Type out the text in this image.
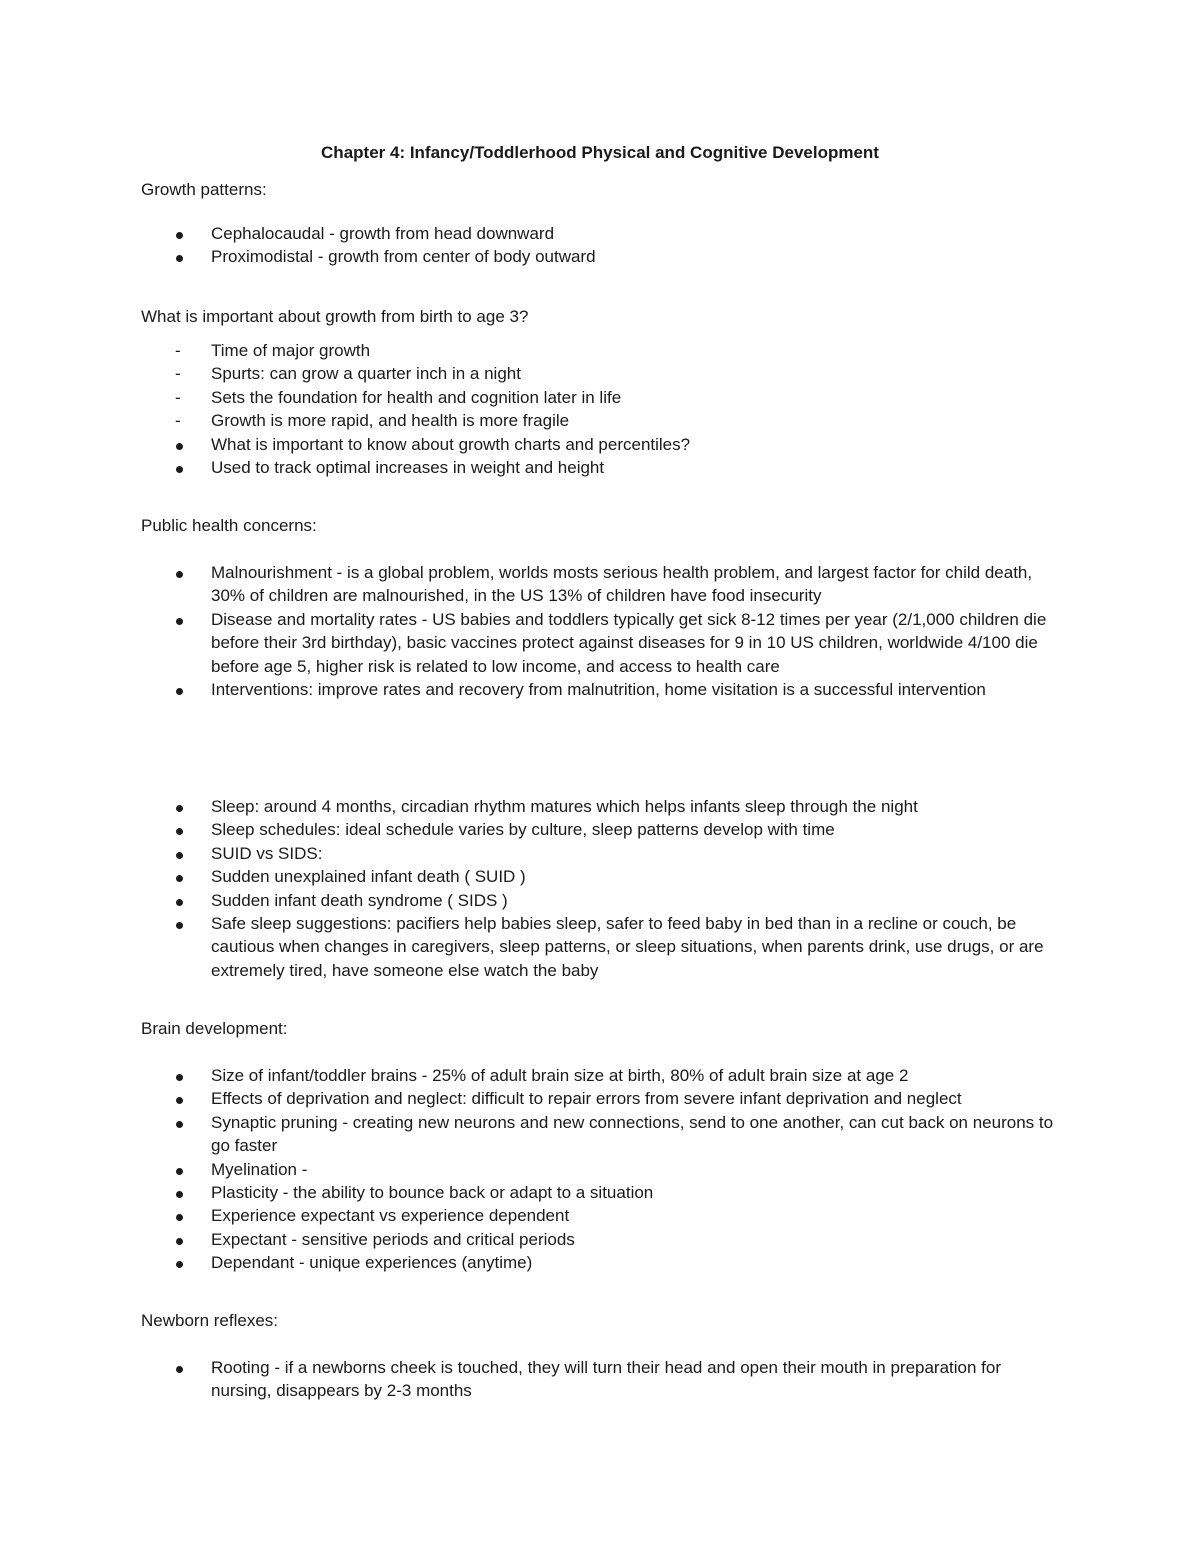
Chapter 4: Infancy/Toddlerhood Physical and Cognitive Development
Growth patterns:
Cephalocaudal - growth from head downward
Proximodistal - growth from center of body outward
What is important about growth from birth to age 3?
- Time of major growth
- Spurts: can grow a quarter inch in a night
- Sets the foundation for health and cognition later in life
- Growth is more rapid, and health is more fragile
What is important to know about growth charts and percentiles?
Used to track optimal increases in weight and height
Public health concerns:
Malnourishment - is a global problem, worlds mosts serious health problem, and largest factor for child death, 30% of children are malnourished, in the US 13% of children have food insecurity
Disease and mortality rates - US babies and toddlers typically get sick 8-12 times per year (2/1,000 children die before their 3rd birthday), basic vaccines protect against diseases for 9 in 10 US children, worldwide 4/100 die before age 5, higher risk is related to low income, and access to health care
Interventions: improve rates and recovery from malnutrition, home visitation is a successful intervention
Sleep: around 4 months, circadian rhythm matures which helps infants sleep through the night
Sleep schedules: ideal schedule varies by culture, sleep patterns develop with time
SUID vs SIDS:
Sudden unexplained infant death ( SUID )
Sudden infant death syndrome ( SIDS )
Safe sleep suggestions: pacifiers help babies sleep, safer to feed baby in bed than in a recline or couch, be cautious when changes in caregivers, sleep patterns, or sleep situations, when parents drink, use drugs, or are extremely tired, have someone else watch the baby
Brain development:
Size of infant/toddler brains - 25% of adult brain size at birth, 80% of adult brain size at age 2
Effects of deprivation and neglect: difficult to repair errors from severe infant deprivation and neglect
Synaptic pruning - creating new neurons and new connections, send to one another, can cut back on neurons to go faster
Myelination -
Plasticity - the ability to bounce back or adapt to a situation
Experience expectant vs experience dependent
Expectant - sensitive periods and critical periods
Dependant - unique experiences (anytime)
Newborn reflexes:
Rooting - if a newborns cheek is touched, they will turn their head and open their mouth in preparation for nursing, disappears by 2-3 months
